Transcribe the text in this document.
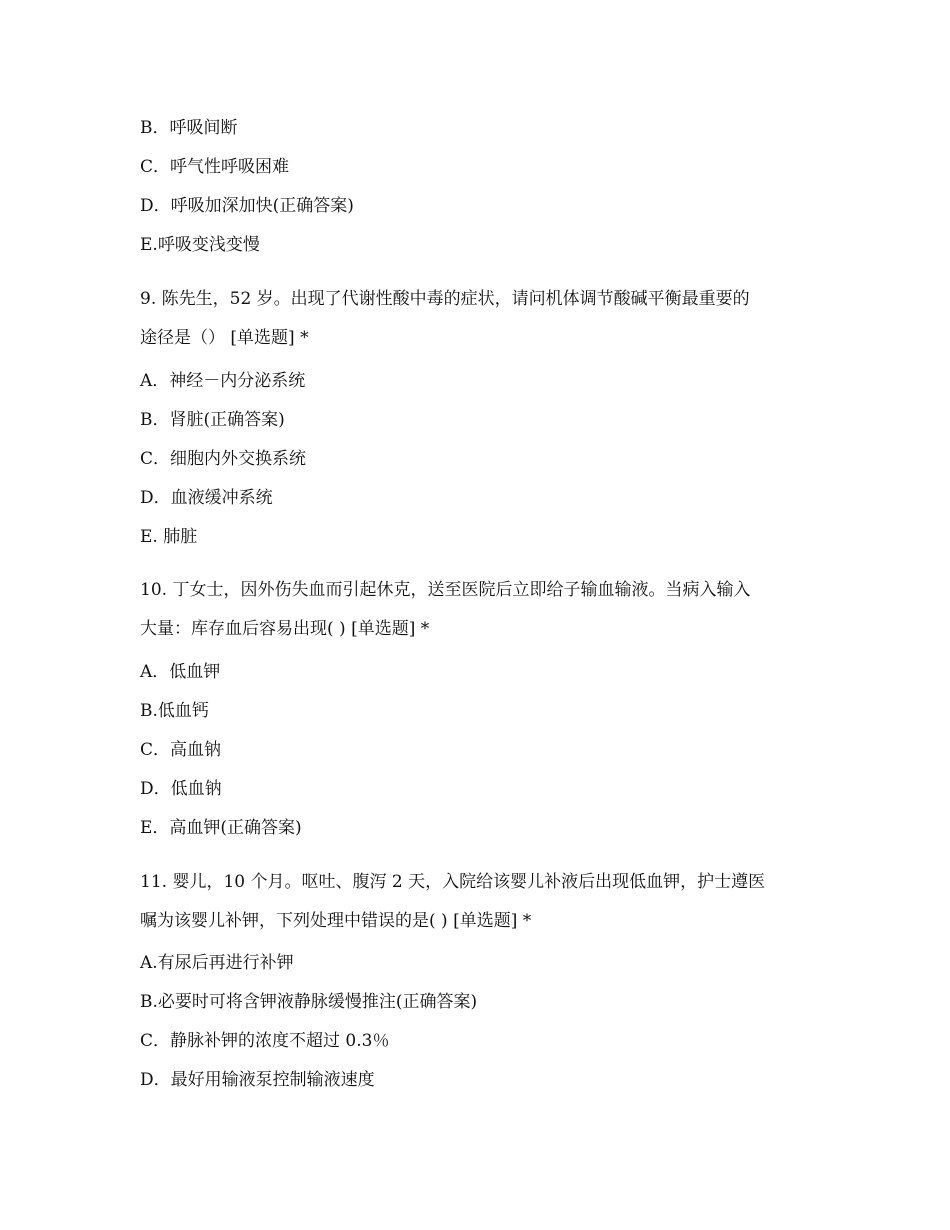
B．呼吸间断
C．呼气性呼吸困难
D．呼吸加深加快(正确答案)
E.呼吸变浅变慢
9. 陈先生，52 岁。出现了代谢性酸中毒的症状，请问机体调节酸碱平衡最重要的
途径是（） [单选题] *
A．神经－内分泌系统
B．肾脏(正确答案)
C．细胞内外交换系统
D．血液缓冲系统
E. 肺脏
10. 丁女士，因外伤失血而引起休克，送至医院后立即给子输血输液。当病入输入
大量：库存血后容易出现( ) [单选题] *
A．低血钾
B.低血钙
C．高血钠
D．低血钠
E．高血钾(正确答案)
11. 婴儿，10 个月。呕吐、腹泻 2 天，入院给该婴儿补液后出现低血钾，护士遵医
嘱为该婴儿补钾，下列处理中错误的是( ) [单选题] *
A.有尿后再进行补钾
B.必要时可将含钾液静脉缓慢推注(正确答案)
C．静脉补钾的浓度不超过 0.3％
D．最好用输液泵控制输液速度
